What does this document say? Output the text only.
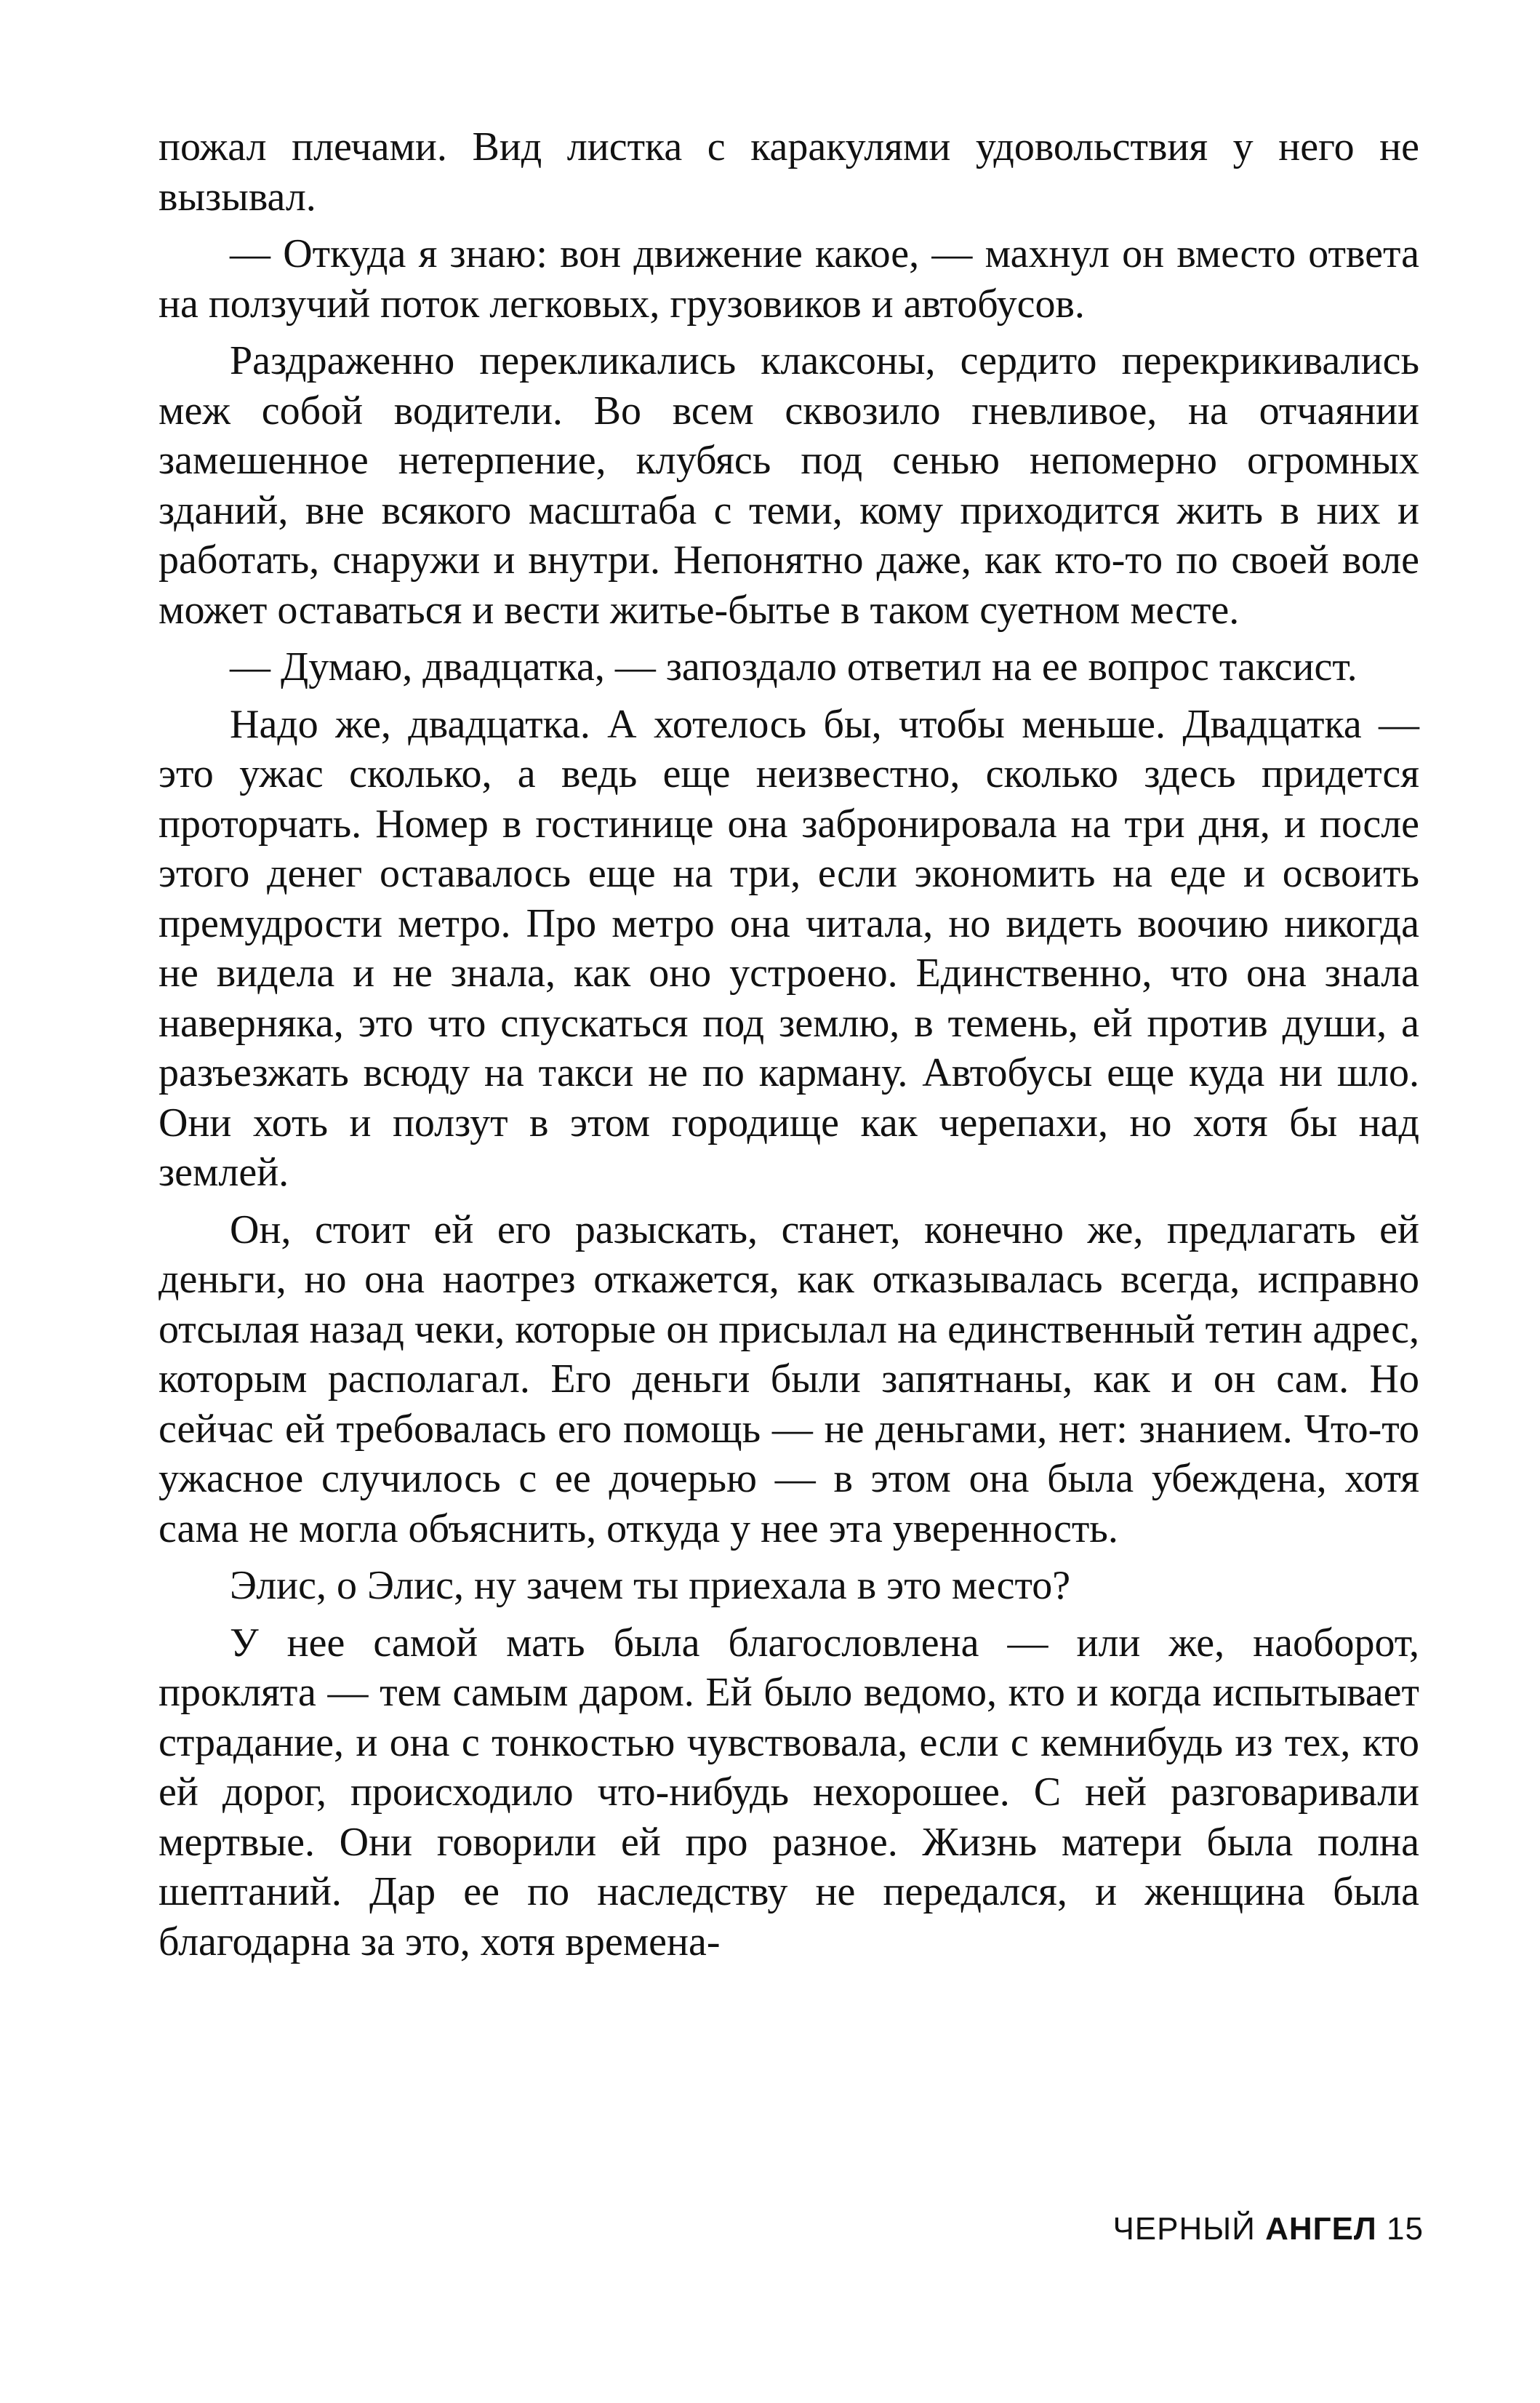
пожал плечами. Вид листка с каракулями удовольствия у него не вызывал.

— Откуда я знаю: вон движение какое, — махнул он вместо ответа на ползучий поток легковых, грузовиков и автобусов.

Раздраженно перекликались клаксоны, сердито перекрикивались меж собой водители. Во всем сквозило гневливое, на отчаянии замешенное нетерпение, клубясь под сенью непомерно огромных зданий, вне всякого масштаба с теми, кому приходится жить в них и работать, снаружи и внутри. Непонятно даже, как кто-то по своей воле может оставаться и вести житье-бытье в таком суетном месте.

— Думаю, двадцатка, — запоздало ответил на ее вопрос таксист.

Надо же, двадцатка. А хотелось бы, чтобы меньше. Двадцатка — это ужас сколько, а ведь еще неизвестно, сколько здесь придется проторчать. Номер в гостинице она забронировала на три дня, и после этого денег оставалось еще на три, если экономить на еде и освоить премудрости метро. Про метро она читала, но видеть воочию никогда не видела и не знала, как оно устроено. Единственно, что она знала наверняка, это что спускаться под землю, в темень, ей против души, а разъезжать всюду на такси не по карману. Автобусы еще куда ни шло. Они хоть и ползут в этом городище как черепахи, но хотя бы над землей.

Он, стоит ей его разыскать, станет, конечно же, предлагать ей деньги, но она наотрез откажется, как отказывалась всегда, исправно отсылая назад чеки, которые он присылал на единственный тетин адрес, которым располагал. Его деньги были запятнаны, как и он сам. Но сейчас ей требовалась его помощь — не деньгами, нет: знанием. Что-то ужасное случилось с ее дочерью — в этом она была убеждена, хотя сама не могла объяснить, откуда у нее эта уверенность.

Элис, о Элис, ну зачем ты приехала в это место?

У нее самой мать была благословлена — или же, наоборот, проклята — тем самым даром. Ей было ведомо, кто и когда испытывает страдание, и она с тонкостью чувствовала, если с кемнибудь из тех, кто ей дорог, происходило что-нибудь нехорошее. С ней разговаривали мертвые. Они говорили ей про разное. Жизнь матери была полна шептаний. Дар ее по наследству не передался, и женщина была благодарна за это, хотя времена-

ЧЕРНЫЙ АНГЕЛ 15
